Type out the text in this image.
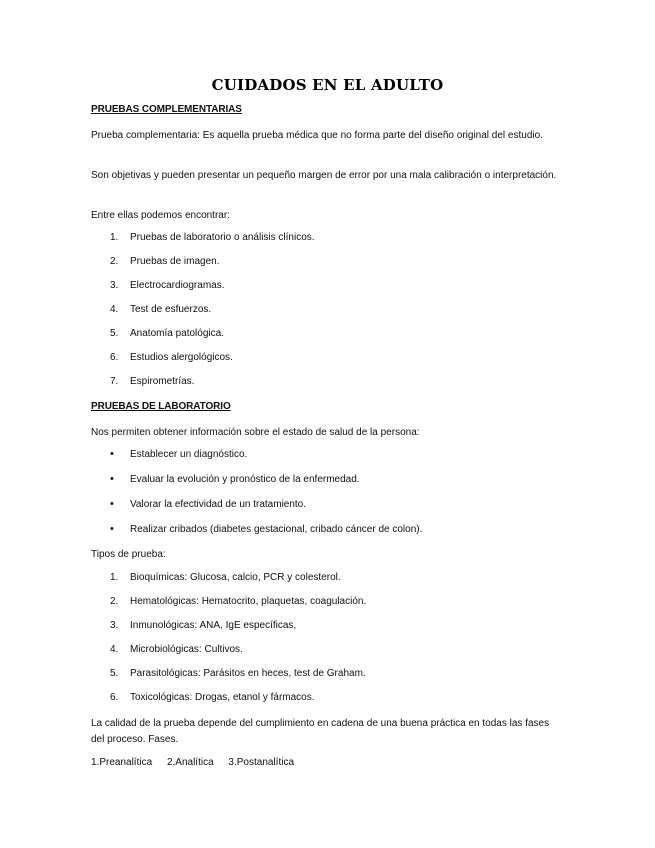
CUIDADOS EN EL ADULTO
PRUEBAS COMPLEMENTARIAS
Prueba complementaria: Es aquella prueba médica que no forma parte del diseño original del estudio.
Son objetivas y pueden presentar un pequeño margen de error por una mala calibración o interpretación.
Entre ellas podemos encontrar:
1.	Pruebas de laboratorio o análisis clínicos.
2.	Pruebas de imagen.
3.	Electrocardiogramas.
4.	Test de esfuerzos.
5.	Anatomía patológica.
6.	Estudios alergológicos.
7.	Espirometrías.
PRUEBAS DE LABORATORIO
Nos permiten obtener información sobre el estado de salud de la persona:
• Establecer un diagnóstico.
• Evaluar la evolución y pronóstico de la enfermedad.
• Valorar la efectividad de un tratamiento.
• Realizar cribados (diabetes gestacional, cribado cáncer de colon).
Tipos de prueba:
1.	Bioquímicas: Glucosa, calcio, PCR y colesterol.
2.	Hematológicas: Hematocrito, plaquetas, coagulación.
3.	Inmunológicas: ANA, IgE específicas,
4.	Microbiológicas: Cultivos.
5.	Parasitológicas: Parásitos en heces, test de Graham.
6.	Toxicológicas: Drogas, etanol y fármacos.
La calidad de la prueba depende del cumplimiento en cadena de una buena práctica en todas las fases del proceso. Fases.
1.Preanalítica 2.Analítica 3.Postanalítica
